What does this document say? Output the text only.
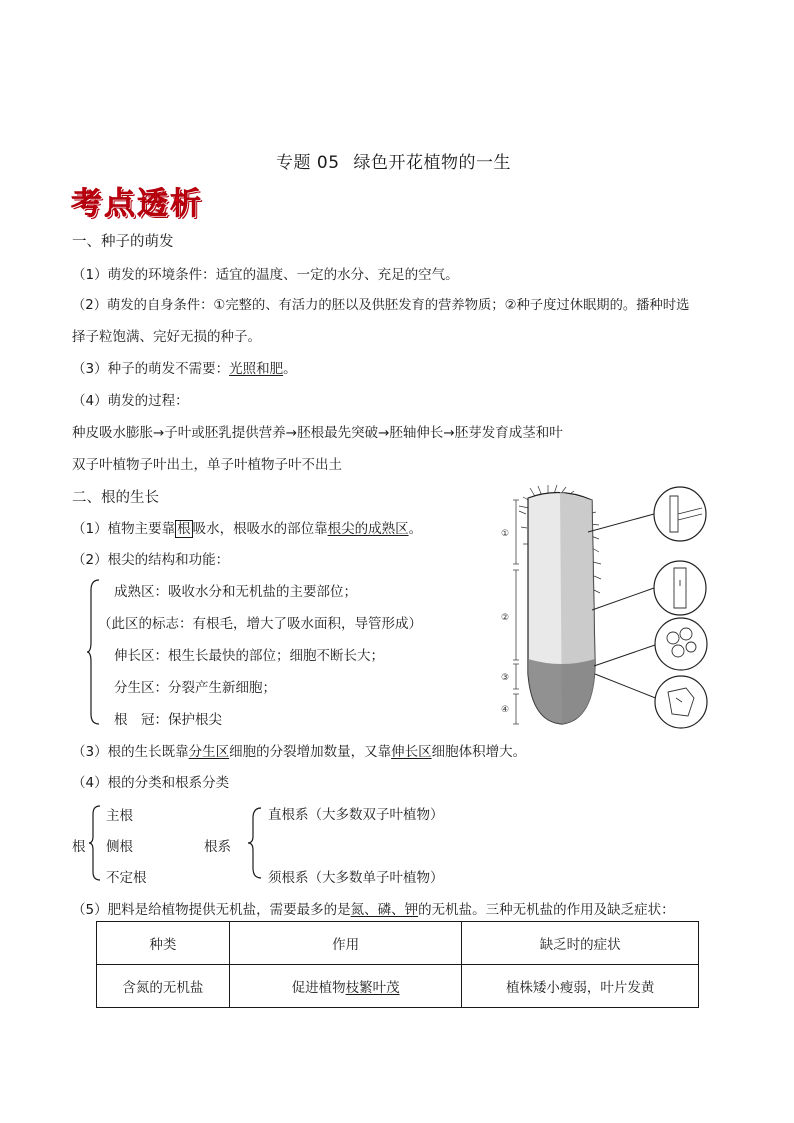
专题 05 绿色开花植物的一生
考点透析
一、种子的萌发
（1）萌发的环境条件：适宜的温度、一定的水分、充足的空气。
（2）萌发的自身条件：①完整的、有活力的胚以及供胚发育的营养物质；②种子度过休眠期的。播种时选
择子粒饱满、完好无损的种子。
（3）种子的萌发不需要：光照和肥。
（4）萌发的过程：
种皮吸水膨胀→子叶或胚乳提供营养→胚根最先突破→胚轴伸长→胚芽发育成茎和叶
双子叶植物子叶出土，单子叶植物子叶不出土
二、根的生长
（1）植物主要靠 根 吸水，根吸水的部位靠根尖的成熟区。
（2）根尖的结构和功能：
成熟区：吸收水分和无机盐的主要部位；
（此区的标志：有根毛，增大了吸水面积，导管形成）
伸长区：根生长最快的部位；细胞不断长大；
分生区：分裂产生新细胞；
根　冠：保护根尖
①
②
③
④
（3）根的生长既靠分生区细胞的分裂增加数量，又靠伸长区细胞体积增大。
（4）根的分类和根系分类
根
主根
侧根
不定根
根系
直根系（大多数双子叶植物）
须根系（大多数单子叶植物）
（5）肥料是给植物提供无机盐，需要最多的是氮、磷、钾的无机盐。三种无机盐的作用及缺乏症状：
种类	作用	缺乏时的症状
含氮的无机盐	促进植物枝繁叶茂	植株矮小瘦弱，叶片发黄
